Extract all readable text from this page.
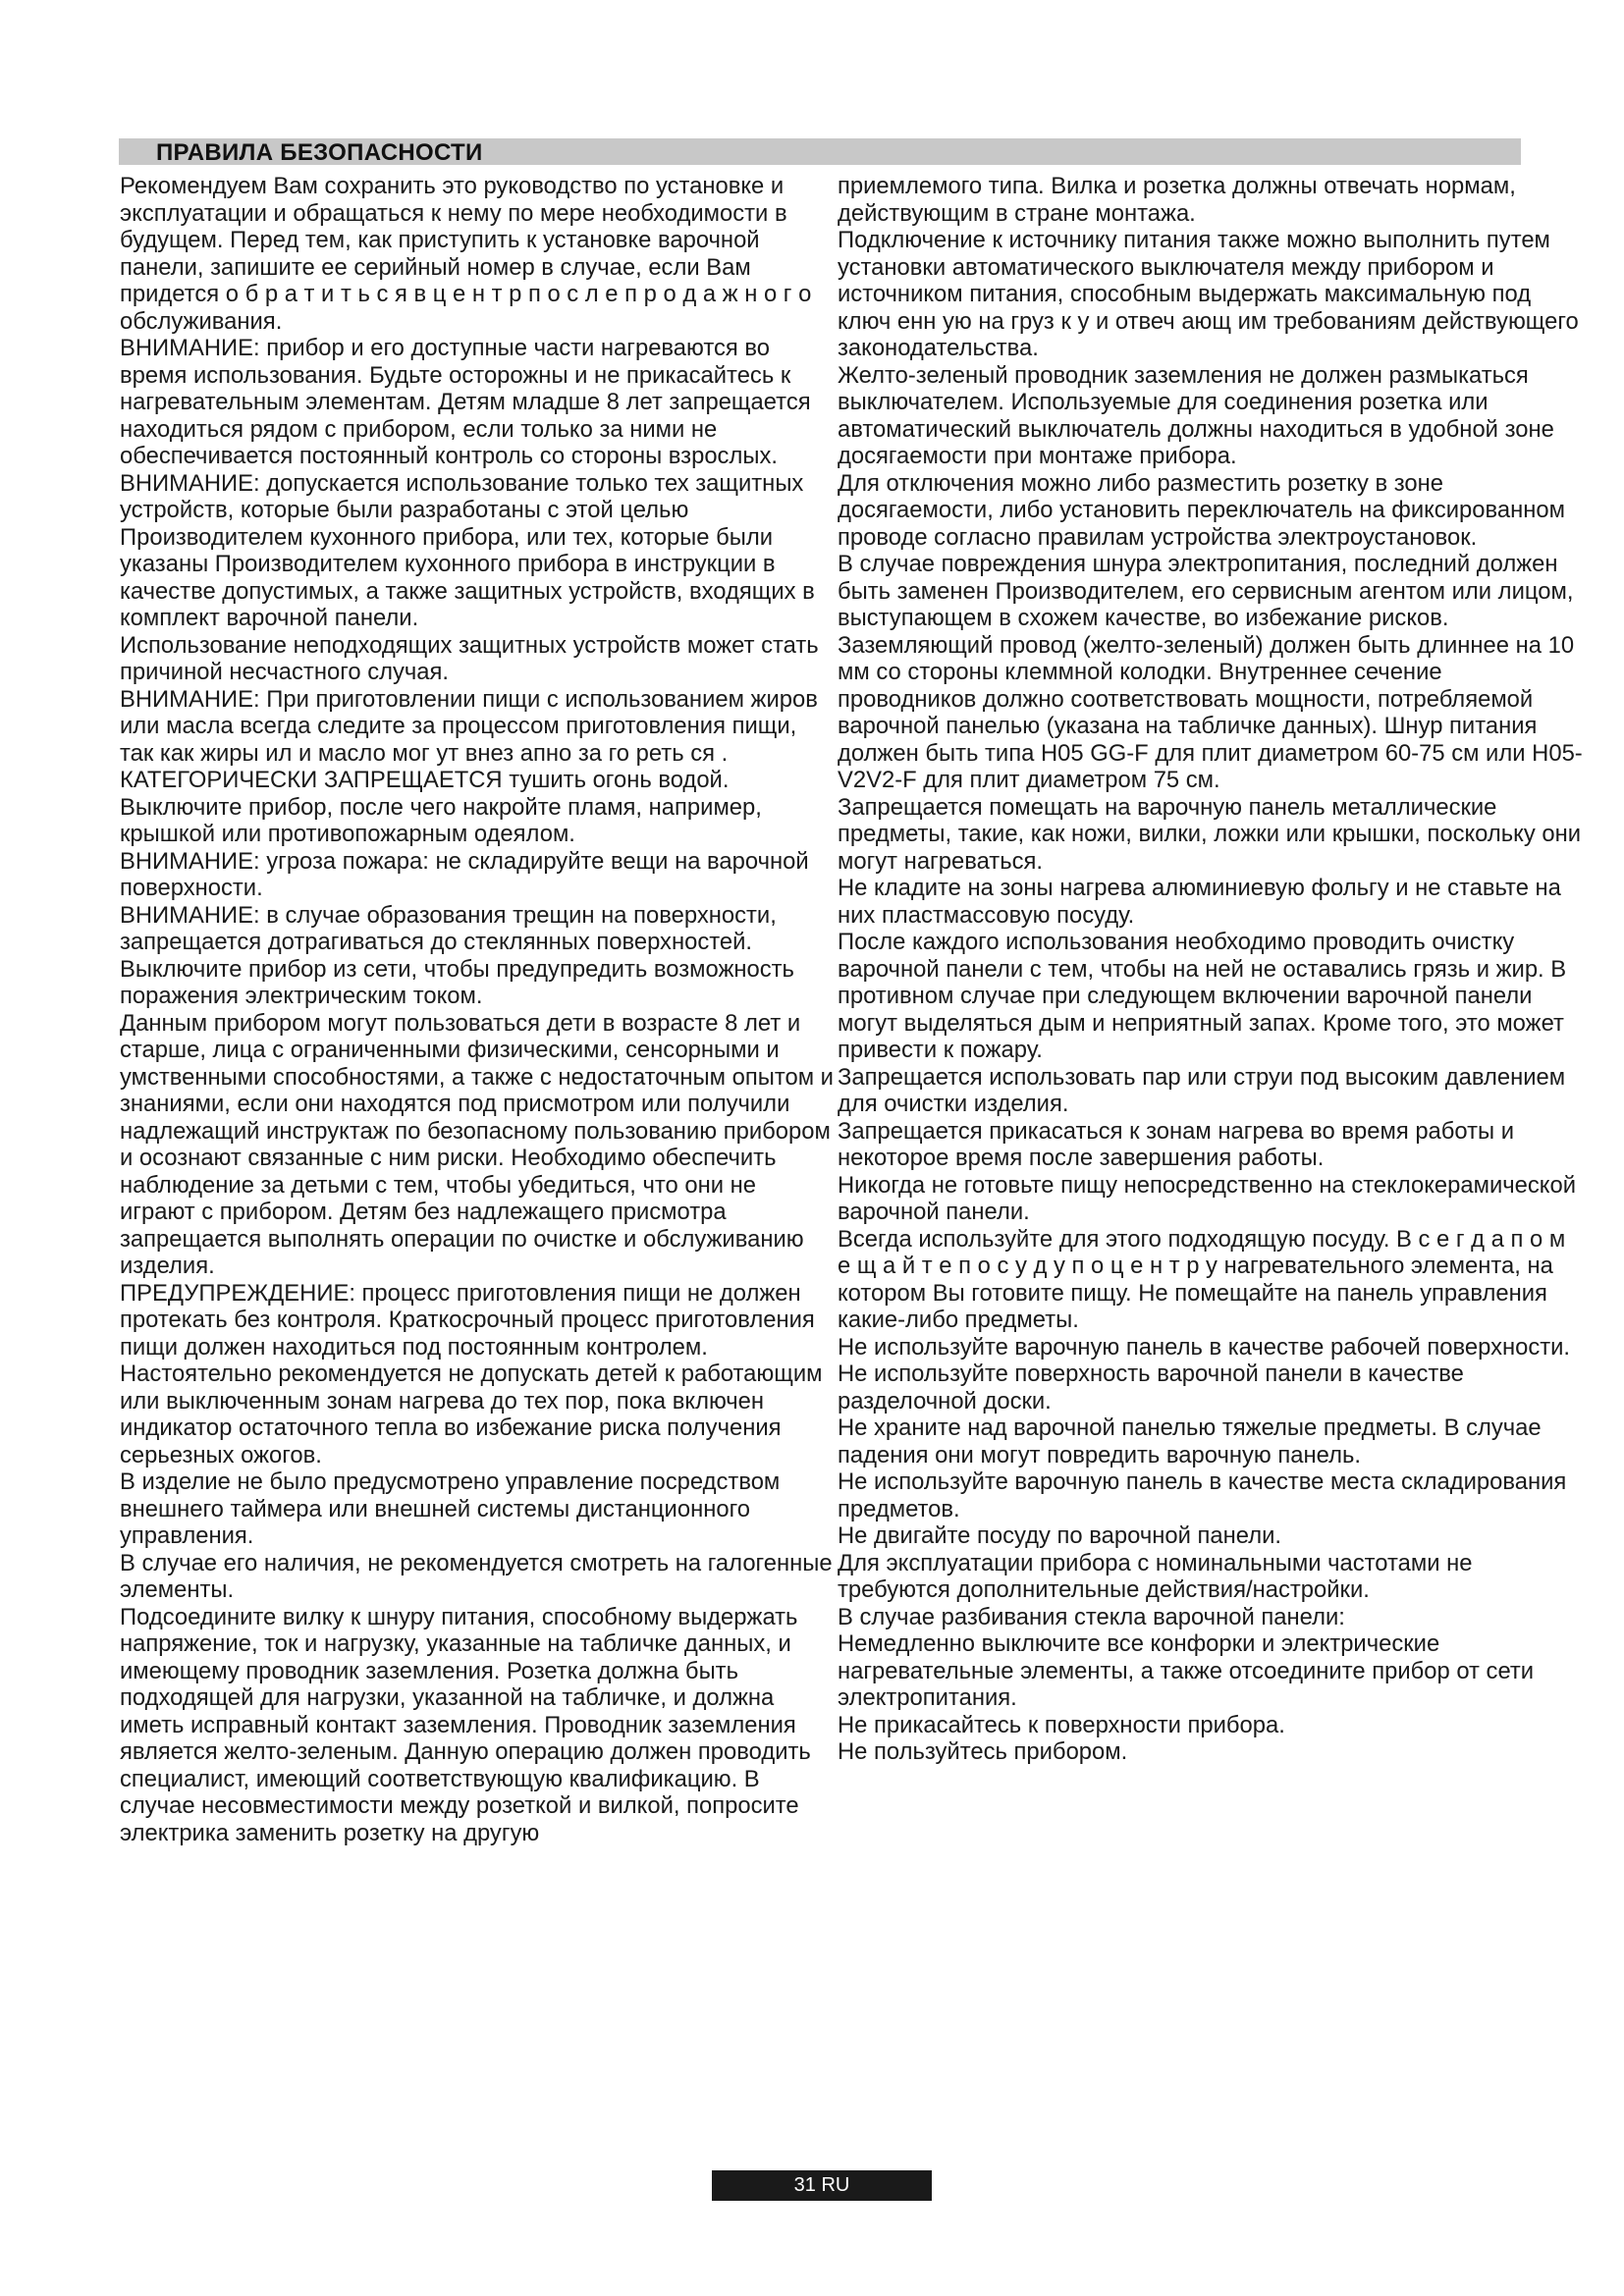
ПРАВИЛА БЕЗОПАСНОСТИ

Рекомендуем Вам сохранить это руководство по установке и эксплуатации и обращаться к нему по мере необходимости в будущем. Перед тем, как приступить к установке варочной панели, запишите ее серийный номер в случае, если Вам придется о б р а т и т ь с я в ц е н т р п о с л е п р о д а ж н о г о обслуживания.

ВНИМАНИЕ: прибор и его доступные части нагреваются во время использования. Будьте осторожны и не прикасайтесь к нагревательным элементам. Детям младше 8 лет запрещается находиться рядом с прибором, если только за ними не обеспечивается постоянный контроль со стороны взрослых.

ВНИМАНИЕ: допускается использование только тех защитных устройств, которые были разработаны с этой целью Производителем кухонного прибора, или тех, которые были указаны Производителем кухонного прибора в инструкции в качестве допустимых, а также защитных устройств, входящих в комплект варочной панели.

Использование неподходящих защитных устройств может стать причиной несчастного случая.

ВНИМАНИЕ: При приготовлении пищи с использованием жиров или масла всегда следите за процессом приготовления пищи, так как жиры ил и масло мог ут внез апно за го реть ся . КАТЕГОРИЧЕСКИ ЗАПРЕЩАЕТСЯ тушить огонь водой. Выключите прибор, после чего накройте пламя, например, крышкой или противопожарным одеялом.

ВНИМАНИЕ: угроза пожара: не складируйте вещи на варочной поверхности.

ВНИМАНИЕ: в случае образования трещин на поверхности, запрещается дотрагиваться до стеклянных поверхностей. Выключите прибор из сети, чтобы предупредить возможность поражения электрическим током.

Данным прибором могут пользоваться дети в возрасте 8 лет и старше, лица с ограниченными физическими, сенсорными и умственными способностями, а также с недостаточным опытом и знаниями, если они находятся под присмотром или получили надлежащий инструктаж по безопасному пользованию прибором и осознают связанные с ним риски. Необходимо обеспечить наблюдение за детьми с тем, чтобы убедиться, что они не играют с прибором. Детям без надлежащего присмотра запрещается выполнять операции по очистке и обслуживанию изделия.

ПРЕДУПРЕЖДЕНИЕ: процесс приготовления пищи не должен протекать без контроля. Краткосрочный процесс приготовления пищи должен находиться под постоянным контролем.

Настоятельно рекомендуется не допускать детей к работающим или выключенным зонам нагрева до тех пор, пока включен индикатор остаточного тепла во избежание риска получения серьезных ожогов.

В изделие не было предусмотрено управление посредством внешнего таймера или внешней системы дистанционного управления.

В случае его наличия, не рекомендуется смотреть на галогенные элементы.

Подсоедините вилку к шнуру питания, способному выдержать напряжение, ток и нагрузку, указанные на табличке данных, и имеющему проводник заземления. Розетка должна быть подходящей для нагрузки, указанной на табличке, и должна иметь исправный контакт заземления. Проводник заземления является желто-зеленым. Данную операцию должен проводить специалист, имеющий соответствующую квалификацию. В случае несовместимости между розеткой и вилкой, попросите электрика заменить розетку на другую

приемлемого типа. Вилка и розетка должны отвечать нормам, действующим в стране монтажа.

Подключение к источнику питания также можно выполнить путем установки автоматического выключателя между прибором и источником питания, способным выдержать максимальную под ключ енн ую на груз к у и отвеч ающ им требованиям действующего законодательства.

Желто-зеленый проводник заземления не должен размыкаться выключателем. Используемые для соединения розетка или автоматический выключатель должны находиться в удобной зоне досягаемости при монтаже прибора.

Для отключения можно либо разместить розетку в зоне досягаемости, либо установить переключатель на фиксированном проводе согласно правилам устройства электроустановок.

В случае повреждения шнура электропитания, последний должен быть заменен Производителем, его сервисным агентом или лицом, выступающем в схожем качестве, во избежание рисков.

Заземляющий провод (желто-зеленый) должен быть длиннее на 10 мм со стороны клеммной колодки. Внутреннее сечение проводников должно соответствовать мощности, потребляемой варочной панелью (указана на табличке данных). Шнур питания должен быть типа H05 GG-F для плит диаметром 60-75 см или H05-V2V2-F для плит диаметром 75 см.

Запрещается помещать на варочную панель металлические предметы, такие, как ножи, вилки, ложки или крышки, поскольку они могут нагреваться.

Не кладите на зоны нагрева алюминиевую фольгу и не ставьте на них пластмассовую посуду.

После каждого использования необходимо проводить очистку варочной панели с тем, чтобы на ней не оставались грязь и жир. В противном случае при следующем включении варочной панели могут выделяться дым и неприятный запах. Кроме того, это может привести к пожару.

Запрещается использовать пар или струи под высоким давлением для очистки изделия.

Запрещается прикасаться к зонам нагрева во время работы и некоторое время после завершения работы.

Никогда не готовьте пищу непосредственно на стеклокерамической варочной панели.

Всегда используйте для этого подходящую посуду. В с е г д а п о м е щ а й т е п о с у д у п о ц е н т р у нагревательного элемента, на котором Вы готовите пищу. Не помещайте на панель управления какие-либо предметы.

Не используйте варочную панель в качестве рабочей поверхности.

Не используйте поверхность варочной панели в качестве разделочной доски.

Не храните над варочной панелью тяжелые предметы. В случае падения они могут повредить варочную панель.

Не используйте варочную панель в качестве места складирования предметов.

Не двигайте посуду по варочной панели.

Для эксплуатации прибора с номинальными частотами не требуются дополнительные действия/настройки.

В случае разбивания стекла варочной панели:

Немедленно выключите все конфорки и электрические нагревательные элементы, а также отсоедините прибор от сети электропитания.

Не прикасайтесь к поверхности прибора.

Не пользуйтесь прибором.

31 RU
